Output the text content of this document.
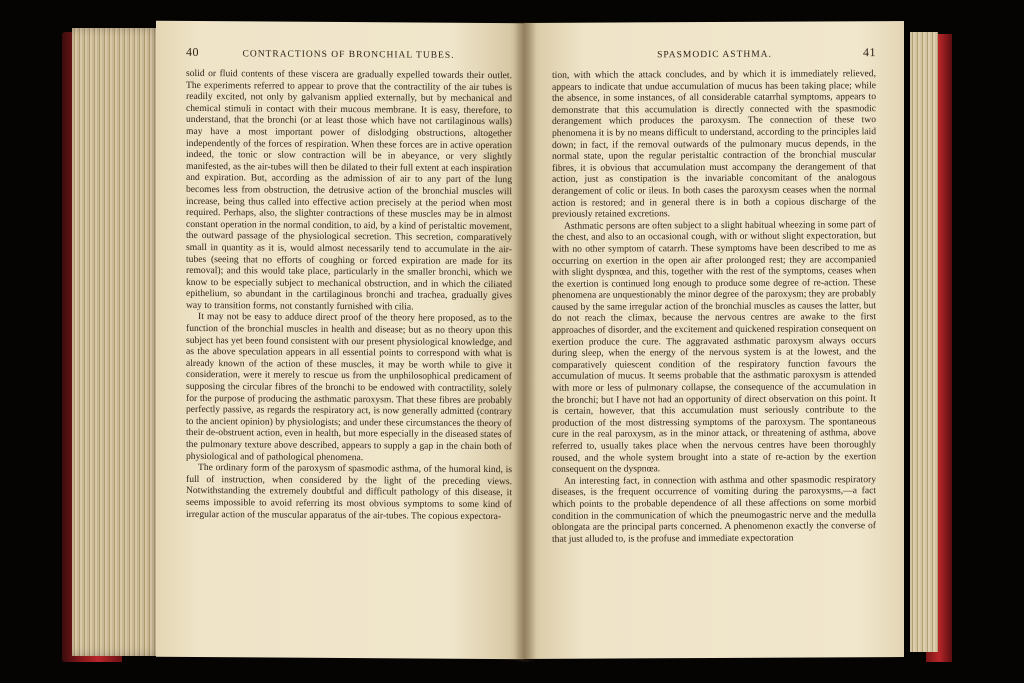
40	CONTRACTIONS OF BRONCHIAL TUBES.

solid or fluid contents of these viscera are gradually expelled towards their outlet. The experiments referred to appear to prove that the contractility of the air tubes is readily excited, not only by galvanism applied externally, but by mechanical and chemical stimuli in contact with their mucous membrane. It is easy, therefore, to understand, that the bronchi (or at least those which have not cartilaginous walls) may have a most important power of dislodging obstructions, altogether independently of the forces of respiration. When these forces are in active operation indeed, the tonic or slow contraction will be in abeyance, or very slightly manifested, as the air-tubes will then be dilated to their full extent at each inspiration and expiration. But, according as the admission of air to any part of the lung becomes less from obstruction, the detrusive action of the bronchial muscles will increase, being thus called into effective action precisely at the period when most required. Perhaps, also, the slighter contractions of these muscles may be in almost constant operation in the normal condition, to aid, by a kind of peristaltic movement, the outward passage of the physiological secretion. This secretion, comparatively small in quantity as it is, would almost necessarily tend to accumulate in the air-tubes (seeing that no efforts of coughing or forced expiration are made for its removal); and this would take place, particularly in the smaller bronchi, which we know to be especially subject to mechanical obstruction, and in which the ciliated epithelium, so abundant in the cartilaginous bronchi and trachea, gradually gives way to transition forms, not constantly furnished with cilia.

It may not be easy to adduce direct proof of the theory here proposed, as to the function of the bronchial muscles in health and disease; but as no theory upon this subject has yet been found consistent with our present physiological knowledge, and as the above speculation appears in all essential points to correspond with what is already known of the action of these muscles, it may be worth while to give it consideration, were it merely to rescue us from the unphilosophical predicament of supposing the circular fibres of the bronchi to be endowed with contractility, solely for the purpose of producing the asthmatic paroxysm. That these fibres are probably perfectly passive, as regards the respiratory act, is now generally admitted (contrary to the ancient opinion) by physiologists; and under these circumstances the theory of their de-obstruent action, even in health, but more especially in the diseased states of the pulmonary texture above described, appears to supply a gap in the chain both of physiological and of pathological phenomena.

The ordinary form of the paroxysm of spasmodic asthma, of the humoral kind, is full of instruction, when considered by the light of the preceding views. Notwithstanding the extremely doubtful and difficult pathology of this disease, it seems impossible to avoid referring its most obvious symptoms to some kind of irregular action of the muscular apparatus of the air-tubes. The copious expectora-

SPASMODIC ASTHMA.	41

tion, with which the attack concludes, and by which it is immediately relieved, appears to indicate that undue accumulation of mucus has been taking place; while the absence, in some instances, of all considerable catarrhal symptoms, appears to demonstrate that this accumulation is directly connected with the spasmodic derangement which produces the paroxysm. The connection of these two phenomena it is by no means difficult to understand, according to the principles laid down; in fact, if the removal outwards of the pulmonary mucus depends, in the normal state, upon the regular peristaltic contraction of the bronchial muscular fibres, it is obvious that accumulation must accompany the derangement of that action, just as constipation is the invariable concomitant of the analogous derangement of colic or ileus. In both cases the paroxysm ceases when the normal action is restored; and in general there is in both a copious discharge of the previously retained excretions.

Asthmatic persons are often subject to a slight habitual wheezing in some part of the chest, and also to an occasional cough, with or without slight expectoration, but with no other symptom of catarrh. These symptoms have been described to me as occurring on exertion in the open air after prolonged rest; they are accompanied with slight dyspnœa, and this, together with the rest of the symptoms, ceases when the exertion is continued long enough to produce some degree of re-action. These phenomena are unquestionably the minor degree of the paroxysm; they are probably caused by the same irregular action of the bronchial muscles as causes the latter, but do not reach the climax, because the nervous centres are awake to the first approaches of disorder, and the excitement and quickened respiration consequent on exertion produce the cure. The aggravated asthmatic paroxysm always occurs during sleep, when the energy of the nervous system is at the lowest, and the comparatively quiescent condition of the respiratory function favours the accumulation of mucus. It seems probable that the asthmatic paroxysm is attended with more or less of pulmonary collapse, the consequence of the accumulation in the bronchi; but I have not had an opportunity of direct observation on this point. It is certain, however, that this accumulation must seriously contribute to the production of the most distressing symptoms of the paroxysm. The spontaneous cure in the real paroxysm, as in the minor attack, or threatening of asthma, above referred to, usually takes place when the nervous centres have been thoroughly roused, and the whole system brought into a state of re-action by the exertion consequent on the dyspnœa.

An interesting fact, in connection with asthma and other spasmodic respiratory diseases, is the frequent occurrence of vomiting during the paroxysms,—a fact which points to the probable dependence of all these affections on some morbid condition in the communication of which the pneumogastric nerve and the medulla oblongata are the principal parts concerned. A phenomenon exactly the converse of that just alluded to, is the profuse and immediate expectoration
